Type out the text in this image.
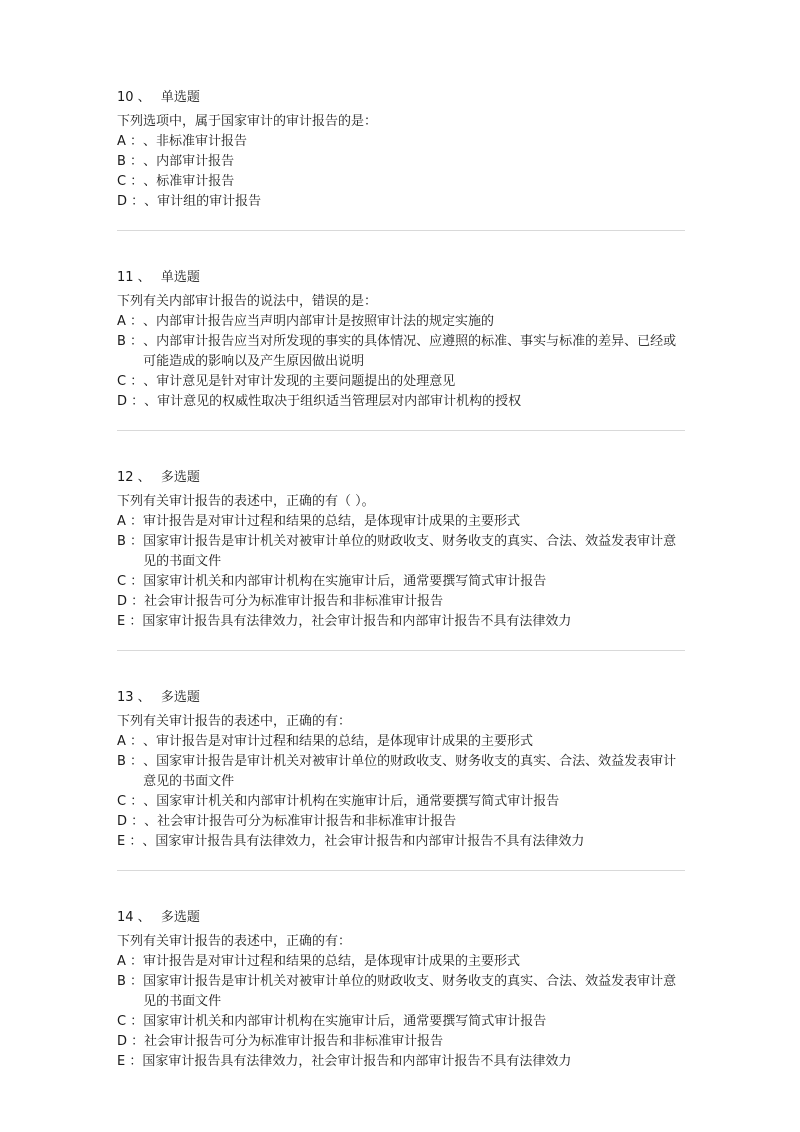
10 、 单选题
下列选项中，属于国家审计的审计报告的是：
A ： 、非标准审计报告
B ： 、内部审计报告
C ： 、标准审计报告
D ： 、审计组的审计报告
11 、 单选题
下列有关内部审计报告的说法中，错误的是：
A ： 、内部审计报告应当声明内部审计是按照审计法的规定实施的
B ： 、内部审计报告应当对所发现的事实的具体情况、应遵照的标准、事实与标准的差异、已经或可能造成的影响以及产生原因做出说明
C ： 、审计意见是针对审计发现的主要问题提出的处理意见
D ： 、审计意见的权威性取决于组织适当管理层对内部审计机构的授权
12 、 多选题
下列有关审计报告的表述中，正确的有（ ）。
A ： 审计报告是对审计过程和结果的总结，是体现审计成果的主要形式
B ： 国家审计报告是审计机关对被审计单位的财政收支、财务收支的真实、合法、效益发表审计意见的书面文件
C ： 国家审计机关和内部审计机构在实施审计后，通常要撰写简式审计报告
D ： 社会审计报告可分为标准审计报告和非标准审计报告
E ： 国家审计报告具有法律效力，社会审计报告和内部审计报告不具有法律效力
13 、 多选题
下列有关审计报告的表述中，正确的有：
A ： 、审计报告是对审计过程和结果的总结，是体现审计成果的主要形式
B ： 、国家审计报告是审计机关对被审计单位的财政收支、财务收支的真实、合法、效益发表审计意见的书面文件
C ： 、国家审计机关和内部审计机构在实施审计后，通常要撰写简式审计报告
D ： 、社会审计报告可分为标准审计报告和非标准审计报告
E ： 、国家审计报告具有法律效力，社会审计报告和内部审计报告不具有法律效力
14 、 多选题
下列有关审计报告的表述中，正确的有：
A ： 审计报告是对审计过程和结果的总结，是体现审计成果的主要形式
B ： 国家审计报告是审计机关对被审计单位的财政收支、财务收支的真实、合法、效益发表审计意见的书面文件
C ： 国家审计机关和内部审计机构在实施审计后，通常要撰写简式审计报告
D ： 社会审计报告可分为标准审计报告和非标准审计报告
E ： 国家审计报告具有法律效力，社会审计报告和内部审计报告不具有法律效力
